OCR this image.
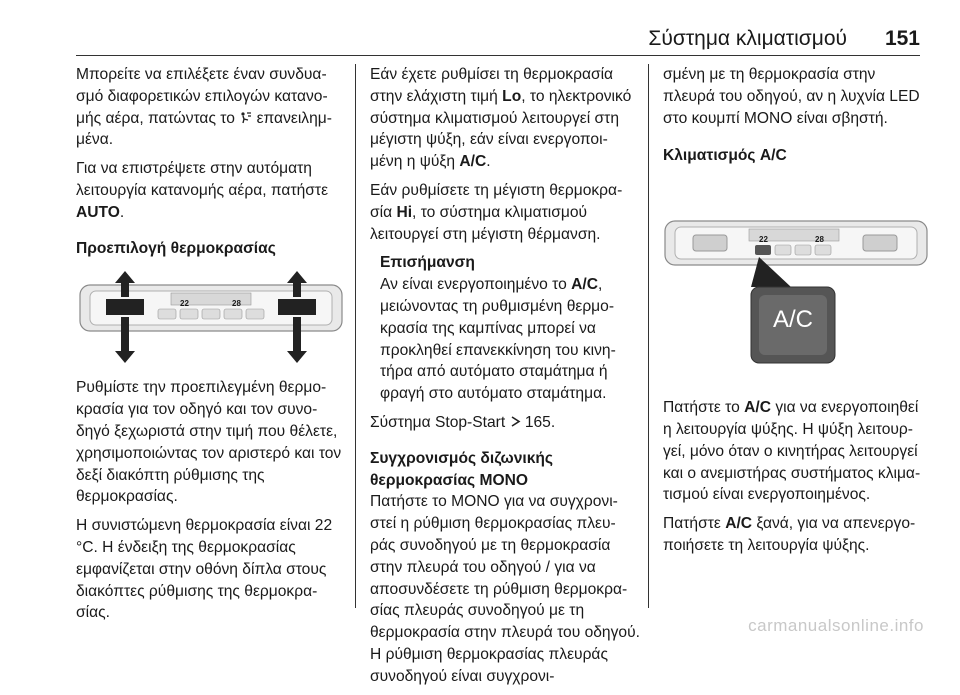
Σύστημα κλιματισμού 151

Μπορείτε να επιλέξετε έναν συνδυα-σμό διαφορετικών επιλογών κατανο-μής αέρα, πατώντας το  επανειλημ-μένα.

Για να επιστρέψετε στην αυτόματη λειτουργία κατανομής αέρα, πατήστε AUTO.

Προεπιλογή θερμοκρασίας

22	28

Ρυθμίστε την προεπιλεγμένη θερμο-κρασία για τον οδηγό και τον συνο-δηγό ξεχωριστά στην τιμή που θέλετε, χρησιμοποιώντας τον αριστερό και τον δεξί διακόπτη ρύθμισης της θερμοκρασίας.

Η συνιστώμενη θερμοκρασία είναι 22 °C. Η ένδειξη της θερμοκρασίας εμφανίζεται στην οθόνη δίπλα στους διακόπτες ρύθμισης της θερμοκρα-σίας.

Εάν έχετε ρυθμίσει τη θερμοκρασία στην ελάχιστη τιμή Lo, το ηλεκτρονικό σύστημα κλιματισμού λειτουργεί στη μέγιστη ψύξη, εάν είναι ενεργοποι-μένη η ψύξη A/C.

Εάν ρυθμίσετε τη μέγιστη θερμοκρα-σία Hi, το σύστημα κλιματισμού λειτουργεί στη μέγιστη θέρμανση.

Επισήμανση

Αν είναι ενεργοποιημένο το A/C, μειώνοντας τη ρυθμισμένη θερμο-κρασία της καμπίνας μπορεί να προκληθεί επανεκκίνηση του κινη-τήρα από αυτόματο σταμάτημα ή φραγή στο αυτόματο σταμάτημα.

Σύστημα Stop-Start  165.

Συγχρονισμός διζωνικής θερμοκρασίας MONO

Πατήστε το MONO για να συγχρονι-στεί η ρύθμιση θερμοκρασίας πλευ-ράς συνοδηγού με τη θερμοκρασία στην πλευρά του οδηγού / για να αποσυνδέσετε τη ρύθμιση θερμοκρα-σίας πλευράς συνοδηγού με τη θερμοκρασία στην πλευρά του οδηγού. Η ρύθμιση θερμοκρασίας πλευράς συνοδηγού είναι συγχρονι-

σμένη με τη θερμοκρασία στην πλευρά του οδηγού, αν η λυχνία LED στο κουμπί MONO είναι σβηστή.

Κλιματισμός A/C

22	28
A/C

Πατήστε το A/C για να ενεργοποιηθεί η λειτουργία ψύξης. Η ψύξη λειτουρ-γεί, μόνο όταν ο κινητήρας λειτουργεί και ο ανεμιστήρας συστήματος κλιμα-τισμού είναι ενεργοποιημένος.

Πατήστε A/C ξανά, για να απενεργο-ποιήσετε τη λειτουργία ψύξης.

carmanualsonline.info
